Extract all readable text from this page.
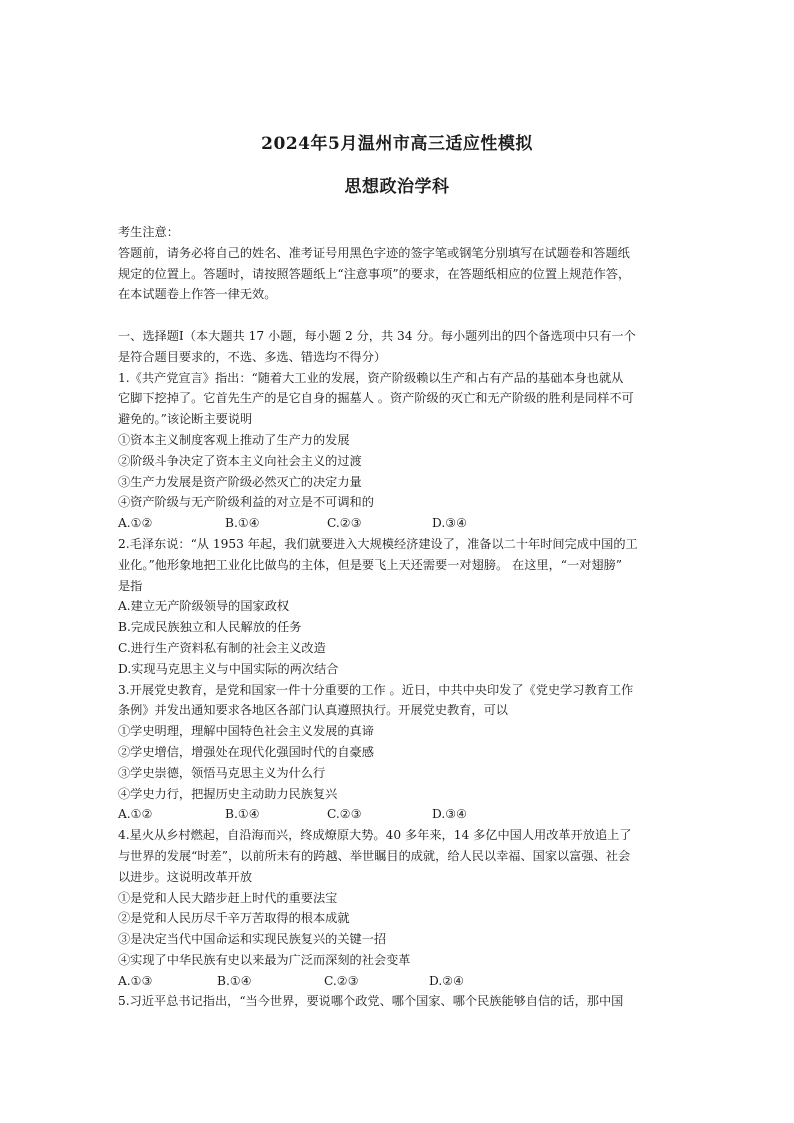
2024年5月温州市高三适应性模拟
思想政治学科
考生注意：
答题前，请务必将自己的姓名、准考证号用黑色字迹的签字笔或钢笔分别填写在试题卷和答题纸
规定的位置上。答题时，请按照答题纸上“注意事项”的要求，在答题纸相应的位置上规范作答，
在本试题卷上作答一律无效。
一、选择题Ⅰ（本大题共 17 小题，每小题 2 分，共 34 分。每小题列出的四个备选项中只有一个
是符合题目要求的，不选、多选、错选均不得分）
1.《共产党宣言》指出：“随着大工业的发展，资产阶级赖以生产和占有产品的基础本身也就从
它脚下挖掉了。它首先生产的是它自身的掘墓人 。资产阶级的灭亡和无产阶级的胜利是同样不可
避免的。”该论断主要说明
①资本主义制度客观上推动了生产力的发展
②阶级斗争决定了资本主义向社会主义的过渡
③生产力发展是资产阶级必然灭亡的决定力量
④资产阶级与无产阶级利益的对立是不可调和的
A.①②	B.①④	C.②③	D.③④
2.毛泽东说：“从 1953 年起，我们就要进入大规模经济建设了，准备以二十年时间完成中国的工
业化。”他形象地把工业化比做鸟的主体，但是要飞上天还需要一对翅膀。 在这里，“一对翅膀”
是指
A.建立无产阶级领导的国家政权
B.完成民族独立和人民解放的任务
C.进行生产资料私有制的社会主义改造
D.实现马克思主义与中国实际的两次结合
3.开展党史教育，是党和国家一件十分重要的工作 。近日，中共中央印发了《党史学习教育工作
条例》并发出通知要求各地区各部门认真遵照执行。开展党史教育，可以
①学史明理，理解中国特色社会主义发展的真谛
②学史增信，增强处在现代化强国时代的自豪感
③学史崇德，领悟马克思主义为什么行
④学史力行，把握历史主动助力民族复兴
A.①②	B.①④	C.②③	D.③④
4.星火从乡村燃起，自沿海而兴，终成燎原大势。40 多年来，14 多亿中国人用改革开放追上了
与世界的发展“时差”，以前所未有的跨越、举世瞩目的成就，给人民以幸福、国家以富强、社会
以进步。这说明改革开放
①是党和人民大踏步赶上时代的重要法宝
②是党和人民历尽千辛万苦取得的根本成就
③是决定当代中国命运和实现民族复兴的关键一招
④实现了中华民族有史以来最为广泛而深刻的社会变革
A.①③	B.①④	C.②③	D.②④
5.习近平总书记指出，“当今世界，要说哪个政党、哪个国家、哪个民族能够自信的话，那中国
